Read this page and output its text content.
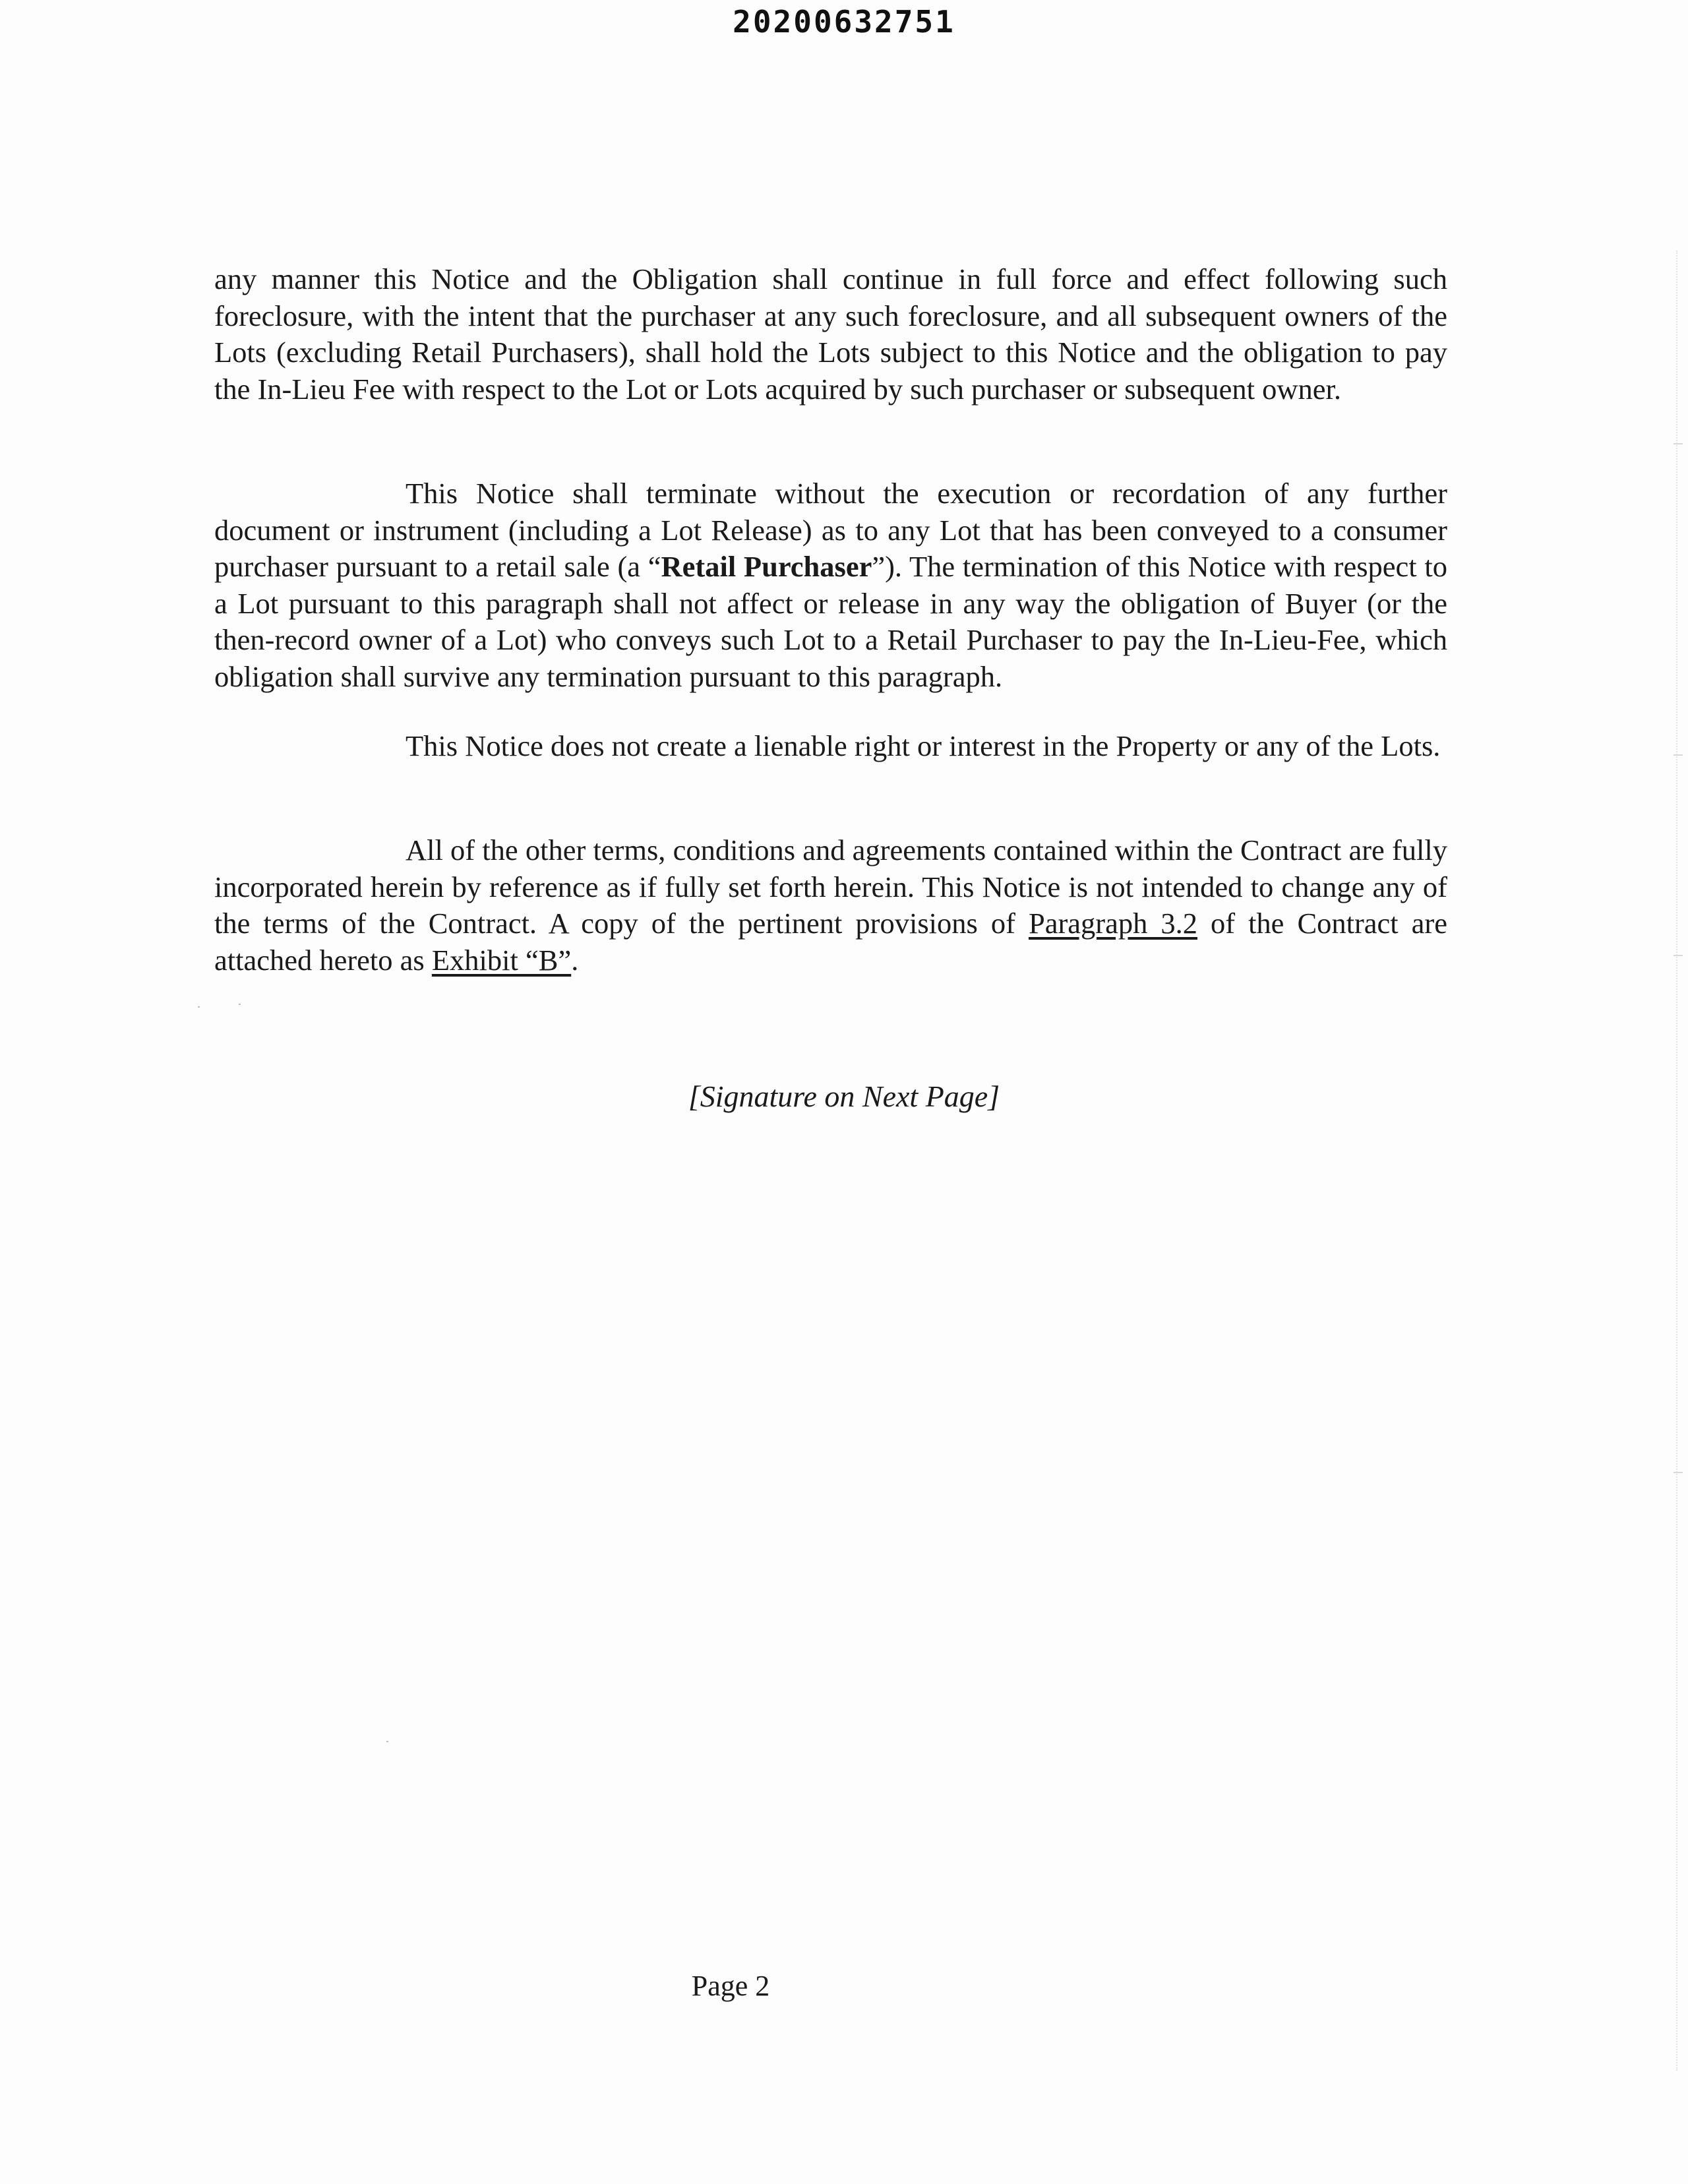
20200632751

any manner this Notice and the Obligation shall continue in full force and effect following such foreclosure, with the intent that the purchaser at any such foreclosure, and all subsequent owners of the Lots (excluding Retail Purchasers), shall hold the Lots subject to this Notice and the obligation to pay the In-Lieu Fee with respect to the Lot or Lots acquired by such purchaser or subsequent owner.

This Notice shall terminate without the execution or recordation of any further document or instrument (including a Lot Release) as to any Lot that has been conveyed to a consumer purchaser pursuant to a retail sale (a “Retail Purchaser”). The termination of this Notice with respect to a Lot pursuant to this paragraph shall not affect or release in any way the obligation of Buyer (or the then-record owner of a Lot) who conveys such Lot to a Retail Purchaser to pay the In-Lieu-Fee, which obligation shall survive any termination pursuant to this paragraph.

This Notice does not create a lienable right or interest in the Property or any of the Lots.

All of the other terms, conditions and agreements contained within the Contract are fully incorporated herein by reference as if fully set forth herein. This Notice is not intended to change any of the terms of the Contract. A copy of the pertinent provisions of Paragraph 3.2 of the Contract are attached hereto as Exhibit “B”.

[Signature on Next Page]
Page 2
